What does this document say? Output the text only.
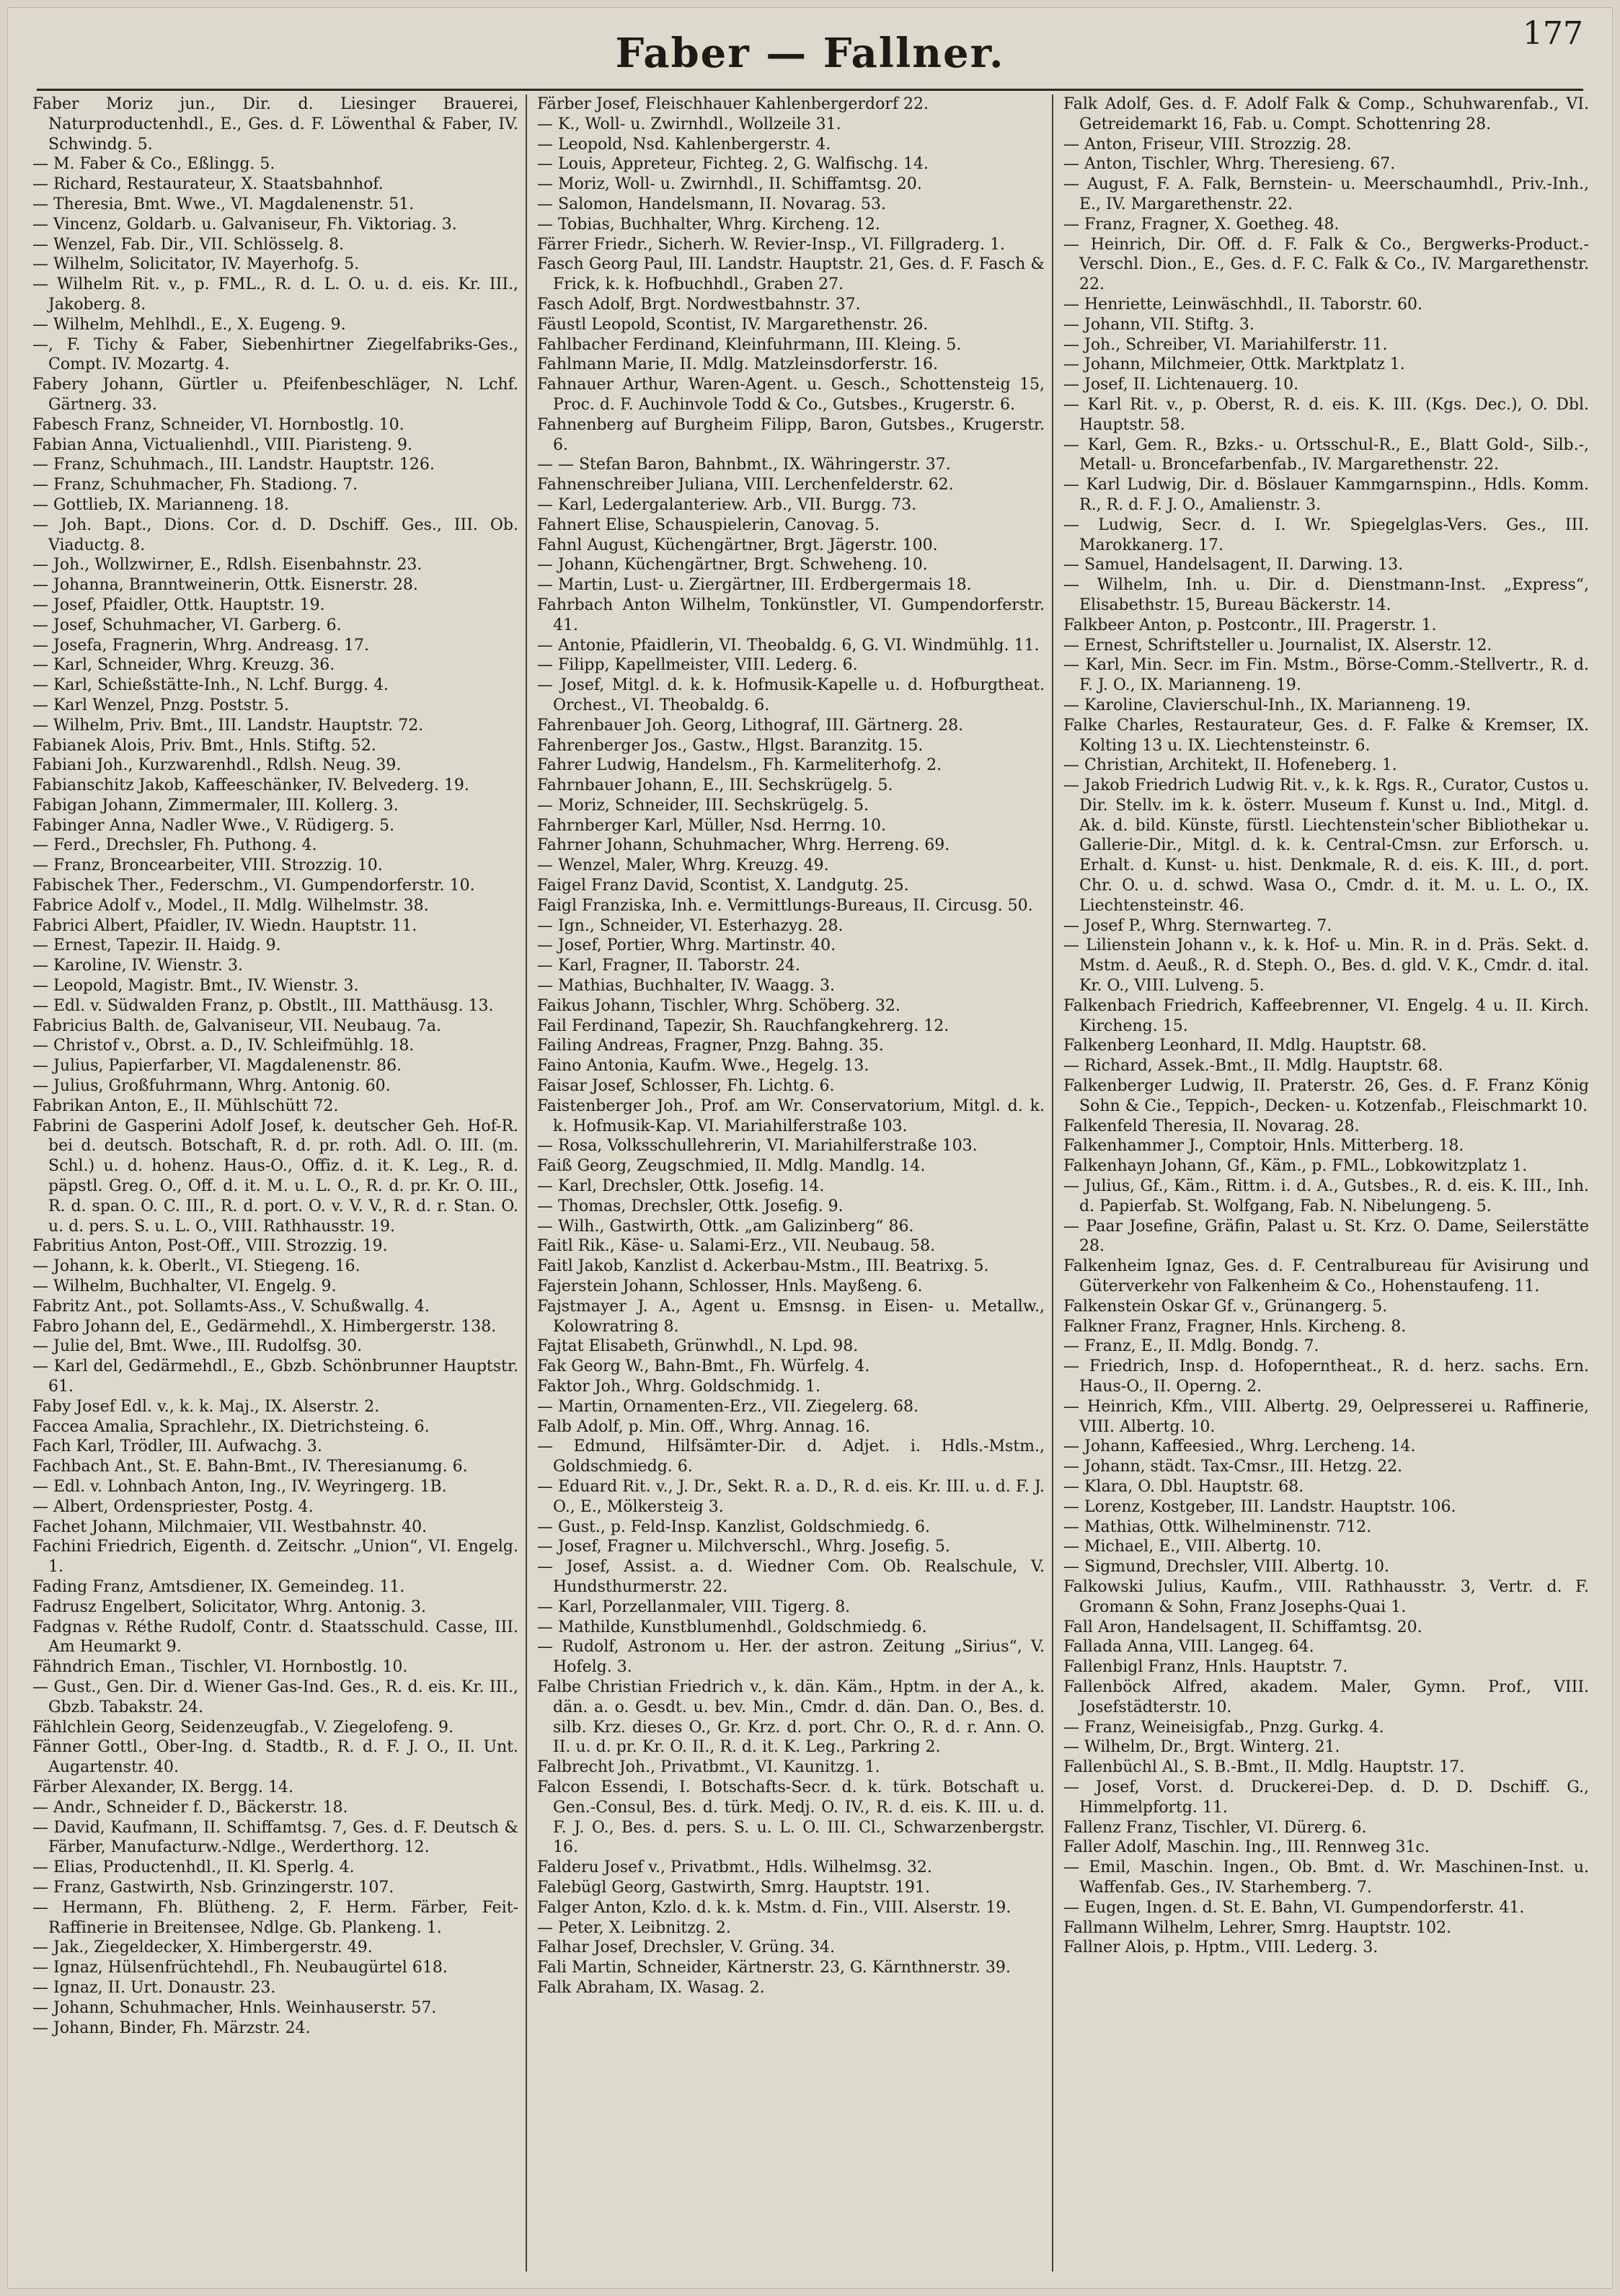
Faber — Fallner.	177

Faber Moriz jun., Dir. d. Liesinger Brauerei, Naturproductenhdl., E., Ges. d. F. Löwenthal & Faber, IV. Schwindg. 5.

— M. Faber & Co., Eßlingg. 5.

— Richard, Restaurateur, X. Staatsbahnhof.

— Theresia, Bmt. Wwe., VI. Magdalenenstr. 51.

— Vincenz, Goldarb. u. Galvaniseur, Fh. Viktoriag. 3.

— Wenzel, Fab. Dir., VII. Schlösselg. 8.

— Wilhelm, Solicitator, IV. Mayerhofg. 5.

— Wilhelm Rit. v., p. FML., R. d. L. O. u. d. eis. Kr. III., Jakoberg. 8.

— Wilhelm, Mehlhdl., E., X. Eugeng. 9.

—, F. Tichy & Faber, Siebenhirtner Ziegelfabriks-Ges., Compt. IV. Mozartg. 4.

Fabery Johann, Gürtler u. Pfeifenbeschläger, N. Lchf. Gärtnerg. 33.

Fabesch Franz, Schneider, VI. Hornbostlg. 10.

Fabian Anna, Victualienhdl., VIII. Piaristeng. 9.

— Franz, Schuhmach., III. Landstr. Hauptstr. 126.

— Franz, Schuhmacher, Fh. Stadiong. 7.

— Gottlieb, IX. Marianneng. 18.

— Joh. Bapt., Dions. Cor. d. D. Dschiff. Ges., III. Ob. Viaductg. 8.

— Joh., Wollzwirner, E., Rdlsh. Eisenbahnstr. 23.

— Johanna, Branntweinerin, Ottk. Eisnerstr. 28.

— Josef, Pfaidler, Ottk. Hauptstr. 19.

— Josef, Schuhmacher, VI. Garberg. 6.

— Josefa, Fragnerin, Whrg. Andreasg. 17.

— Karl, Schneider, Whrg. Kreuzg. 36.

— Karl, Schießstätte-Inh., N. Lchf. Burgg. 4.

— Karl Wenzel, Pnzg. Poststr. 5.

— Wilhelm, Priv. Bmt., III. Landstr. Hauptstr. 72.

Fabianek Alois, Priv. Bmt., Hnls. Stiftg. 52.

Fabiani Joh., Kurzwarenhdl., Rdlsh. Neug. 39.

Fabianschitz Jakob, Kaffeeschänker, IV. Belvederg. 19.

Fabigan Johann, Zimmermaler, III. Kollerg. 3.

Fabinger Anna, Nadler Wwe., V. Rüdigerg. 5.

— Ferd., Drechsler, Fh. Puthong. 4.

— Franz, Broncearbeiter, VIII. Strozzig. 10.

Fabischek Ther., Federschm., VI. Gumpendorferstr. 10.

Fabrice Adolf v., Model., II. Mdlg. Wilhelmstr. 38.

Fabrici Albert, Pfaidler, IV. Wiedn. Hauptstr. 11.

— Ernest, Tapezir. II. Haidg. 9.

— Karoline, IV. Wienstr. 3.

— Leopold, Magistr. Bmt., IV. Wienstr. 3.

— Edl. v. Südwalden Franz, p. Obstlt., III. Matthäusg. 13.

Fabricius Balth. de, Galvaniseur, VII. Neubaug. 7a.

— Christof v., Obrst. a. D., IV. Schleifmühlg. 18.

— Julius, Papierfarber, VI. Magdalenenstr. 86.

— Julius, Großfuhrmann, Whrg. Antonig. 60.

Fabrikan Anton, E., II. Mühlschütt 72.

Fabrini de Gasperini Adolf Josef, k. deutscher Geh. Hof-R. bei d. deutsch. Botschaft, R. d. pr. roth. Adl. O. III. (m. Schl.) u. d. hohenz. Haus-O., Offiz. d. it. K. Leg., R. d. päpstl. Greg. O., Off. d. it. M. u. L. O., R. d. pr. Kr. O. III., R. d. span. O. C. III., R. d. port. O. v. V. V., R. d. r. Stan. O. u. d. pers. S. u. L. O., VIII. Rathhausstr. 19.

Fabritius Anton, Post-Off., VIII. Strozzig. 19.

— Johann, k. k. Oberlt., VI. Stiegeng. 16.

— Wilhelm, Buchhalter, VI. Engelg. 9.

Fabritz Ant., pot. Sollamts-Ass., V. Schußwallg. 4.

Fabro Johann del, E., Gedärmehdl., X. Himbergerstr. 138.

— Julie del, Bmt. Wwe., III. Rudolfsg. 30.

— Karl del, Gedärmehdl., E., Gbzb. Schönbrunner Hauptstr. 61.

Faby Josef Edl. v., k. k. Maj., IX. Alserstr. 2.

Faccea Amalia, Sprachlehr., IX. Dietrichsteing. 6.

Fach Karl, Trödler, III. Aufwachg. 3.

Fachbach Ant., St. E. Bahn-Bmt., IV. Theresianumg. 6.

— Edl. v. Lohnbach Anton, Ing., IV. Weyringerg. 1B.

— Albert, Ordenspriester, Postg. 4.

Fachet Johann, Milchmaier, VII. Westbahnstr. 40.

Fachini Friedrich, Eigenth. d. Zeitschr. „Union“, VI. Engelg. 1.

Fading Franz, Amtsdiener, IX. Gemeindeg. 11.

Fadrusz Engelbert, Solicitator, Whrg. Antonig. 3.

Fadgnas v. Réthe Rudolf, Contr. d. Staatsschuld. Casse, III. Am Heumarkt 9.

Fähndrich Eman., Tischler, VI. Hornbostlg. 10.

— Gust., Gen. Dir. d. Wiener Gas-Ind. Ges., R. d. eis. Kr. III., Gbzb. Tabakstr. 24.

Fählchlein Georg, Seidenzeugfab., V. Ziegelofeng. 9.

Fänner Gottl., Ober-Ing. d. Stadtb., R. d. F. J. O., II. Unt. Augartenstr. 40.

Färber Alexander, IX. Bergg. 14.

— Andr., Schneider f. D., Bäckerstr. 18.

— David, Kaufmann, II. Schiffamtsg. 7, Ges. d. F. Deutsch & Färber, Manufacturw.-Ndlge., Werderthorg. 12.

— Elias, Productenhdl., II. Kl. Sperlg. 4.

— Franz, Gastwirth, Nsb. Grinzingerstr. 107.

— Hermann, Fh. Blütheng. 2, F. Herm. Färber, Feit-Raffinerie in Breitensee, Ndlge. Gb. Plankeng. 1.

— Jak., Ziegeldecker, X. Himbergerstr. 49.

— Ignaz, Hülsenfrüchtehdl., Fh. Neubaugürtel 618.

— Ignaz, II. Urt. Donaustr. 23.

— Johann, Schuhmacher, Hnls. Weinhauserstr. 57.

— Johann, Binder, Fh. Märzstr. 24.

Färber Josef, Fleischhauer Kahlenbergerdorf 22.

— K., Woll- u. Zwirnhdl., Wollzeile 31.

— Leopold, Nsd. Kahlenbergerstr. 4.

— Louis, Appreteur, Fichteg. 2, G. Walfischg. 14.

— Moriz, Woll- u. Zwirnhdl., II. Schiffamtsg. 20.

— Salomon, Handelsmann, II. Novarag. 53.

— Tobias, Buchhalter, Whrg. Kircheng. 12.

Färrer Friedr., Sicherh. W. Revier-Insp., VI. Fillgraderg. 1.

Fasch Georg Paul, III. Landstr. Hauptstr. 21, Ges. d. F. Fasch & Frick, k. k. Hofbuchhdl., Graben 27.

Fasch Adolf, Brgt. Nordwestbahnstr. 37.

Fäustl Leopold, Scontist, IV. Margarethenstr. 26.

Fahlbacher Ferdinand, Kleinfuhrmann, III. Kleing. 5.

Fahlmann Marie, II. Mdlg. Matzleinsdorferstr. 16.

Fahnauer Arthur, Waren-Agent. u. Gesch., Schottensteig 15, Proc. d. F. Auchinvole Todd & Co., Gutsbes., Krugerstr. 6.

Fahnenberg auf Burgheim Filipp, Baron, Gutsbes., Krugerstr. 6.

— — Stefan Baron, Bahnbmt., IX. Währingerstr. 37.

Fahnenschreiber Juliana, VIII. Lerchenfelderstr. 62.

— Karl, Ledergalanteriew. Arb., VII. Burgg. 73.

Fahnert Elise, Schauspielerin, Canovag. 5.

Fahnl August, Küchengärtner, Brgt. Jägerstr. 100.

— Johann, Küchengärtner, Brgt. Schweheng. 10.

— Martin, Lust- u. Ziergärtner, III. Erdbergermais 18.

Fahrbach Anton Wilhelm, Tonkünstler, VI. Gumpendorferstr. 41.

— Antonie, Pfaidlerin, VI. Theobaldg. 6, G. VI. Windmühlg. 11.

— Filipp, Kapellmeister, VIII. Lederg. 6.

— Josef, Mitgl. d. k. k. Hofmusik-Kapelle u. d. Hofburgtheat. Orchest., VI. Theobaldg. 6.

Fahrenbauer Joh. Georg, Lithograf, III. Gärtnerg. 28.

Fahrenberger Jos., Gastw., Hlgst. Baranzitg. 15.

Fahrer Ludwig, Handelsm., Fh. Karmeliterhofg. 2.

Fahrnbauer Johann, E., III. Sechskrügelg. 5.

— Moriz, Schneider, III. Sechskrügelg. 5.

Fahrnberger Karl, Müller, Nsd. Herrng. 10.

Fahrner Johann, Schuhmacher, Whrg. Herreng. 69.

— Wenzel, Maler, Whrg. Kreuzg. 49.

Faigel Franz David, Scontist, X. Landgutg. 25.

Faigl Franziska, Inh. e. Vermittlungs-Bureaus, II. Circusg. 50.

— Ign., Schneider, VI. Esterhazyg. 28.

— Josef, Portier, Whrg. Martinstr. 40.

— Karl, Fragner, II. Taborstr. 24.

— Mathias, Buchhalter, IV. Waagg. 3.

Faikus Johann, Tischler, Whrg. Schöberg. 32.

Fail Ferdinand, Tapezir, Sh. Rauchfangkehrerg. 12.

Failing Andreas, Fragner, Pnzg. Bahng. 35.

Faino Antonia, Kaufm. Wwe., Hegelg. 13.

Faisar Josef, Schlosser, Fh. Lichtg. 6.

Faistenberger Joh., Prof. am Wr. Conservatorium, Mitgl. d. k. k. Hofmusik-Kap. VI. Mariahilferstraße 103.

— Rosa, Volksschullehrerin, VI. Mariahilferstraße 103.

Faiß Georg, Zeugschmied, II. Mdlg. Mandlg. 14.

— Karl, Drechsler, Ottk. Josefig. 14.

— Thomas, Drechsler, Ottk. Josefig. 9.

— Wilh., Gastwirth, Ottk. „am Galizinberg“ 86.

Faitl Rik., Käse- u. Salami-Erz., VII. Neubaug. 58.

Faitl Jakob, Kanzlist d. Ackerbau-Mstm., III. Beatrixg. 5.

Fajerstein Johann, Schlosser, Hnls. Mayßeng. 6.

Fajstmayer J. A., Agent u. Emsnsg. in Eisen- u. Metallw., Kolowratring 8.

Fajtat Elisabeth, Grünwhdl., N. Lpd. 98.

Fak Georg W., Bahn-Bmt., Fh. Würfelg. 4.

Faktor Joh., Whrg. Goldschmidg. 1.

— Martin, Ornamenten-Erz., VII. Ziegelerg. 68.

Falb Adolf, p. Min. Off., Whrg. Annag. 16.

— Edmund, Hilfsämter-Dir. d. Adjet. i. Hdls.-Mstm., Goldschmiedg. 6.

— Eduard Rit. v., J. Dr., Sekt. R. a. D., R. d. eis. Kr. III. u. d. F. J. O., E., Mölkersteig 3.

— Gust., p. Feld-Insp. Kanzlist, Goldschmiedg. 6.

— Josef, Fragner u. Milchverschl., Whrg. Josefig. 5.

— Josef, Assist. a. d. Wiedner Com. Ob. Realschule, V. Hundsthurmerstr. 22.

— Karl, Porzellanmaler, VIII. Tigerg. 8.

— Mathilde, Kunstblumenhdl., Goldschmiedg. 6.

— Rudolf, Astronom u. Her. der astron. Zeitung „Sirius“, V. Hofelg. 3.

Falbe Christian Friedrich v., k. dän. Käm., Hptm. in der A., k. dän. a. o. Gesdt. u. bev. Min., Cmdr. d. dän. Dan. O., Bes. d. silb. Krz. dieses O., Gr. Krz. d. port. Chr. O., R. d. r. Ann. O. II. u. d. pr. Kr. O. II., R. d. it. K. Leg., Parkring 2.

Falbrecht Joh., Privatbmt., VI. Kaunitzg. 1.

Falcon Essendi, I. Botschafts-Secr. d. k. türk. Botschaft u. Gen.-Consul, Bes. d. türk. Medj. O. IV., R. d. eis. K. III. u. d. F. J. O., Bes. d. pers. S. u. L. O. III. Cl., Schwarzenbergstr. 16.

Falderu Josef v., Privatbmt., Hdls. Wilhelmsg. 32.

Falebügl Georg, Gastwirth, Smrg. Hauptstr. 191.

Falger Anton, Kzlo. d. k. k. Mstm. d. Fin., VIII. Alserstr. 19.

— Peter, X. Leibnitzg. 2.

Falhar Josef, Drechsler, V. Grüng. 34.

Fali Martin, Schneider, Kärtnerstr. 23, G. Kärnthnerstr. 39.

Falk Abraham, IX. Wasag. 2.

Falk Adolf, Ges. d. F. Adolf Falk & Comp., Schuhwarenfab., VI. Getreidemarkt 16, Fab. u. Compt. Schottenring 28.

— Anton, Friseur, VIII. Strozzig. 28.

— Anton, Tischler, Whrg. Theresieng. 67.

— August, F. A. Falk, Bernstein- u. Meerschaumhdl., Priv.-Inh., E., IV. Margarethenstr. 22.

— Franz, Fragner, X. Goetheg. 48.

— Heinrich, Dir. Off. d. F. Falk & Co., Bergwerks-Product.-Verschl. Dion., E., Ges. d. F. C. Falk & Co., IV. Margarethenstr. 22.

— Henriette, Leinwäschhdl., II. Taborstr. 60.

— Johann, VII. Stiftg. 3.

— Joh., Schreiber, VI. Mariahilferstr. 11.

— Johann, Milchmeier, Ottk. Marktplatz 1.

— Josef, II. Lichtenauerg. 10.

— Karl Rit. v., p. Oberst, R. d. eis. K. III. (Kgs. Dec.), O. Dbl. Hauptstr. 58.

— Karl, Gem. R., Bzks.- u. Ortsschul-R., E., Blatt Gold-, Silb.-, Metall- u. Broncefarbenfab., IV. Margarethenstr. 22.

— Karl Ludwig, Dir. d. Böslauer Kammgarnspinn., Hdls. Komm. R., R. d. F. J. O., Amalienstr. 3.

— Ludwig, Secr. d. I. Wr. Spiegelglas-Vers. Ges., III. Marokkanerg. 17.

— Samuel, Handelsagent, II. Darwing. 13.

— Wilhelm, Inh. u. Dir. d. Dienstmann-Inst. „Express“, Elisabethstr. 15, Bureau Bäckerstr. 14.

Falkbeer Anton, p. Postcontr., III. Pragerstr. 1.

— Ernest, Schriftsteller u. Journalist, IX. Alserstr. 12.

— Karl, Min. Secr. im Fin. Mstm., Börse-Comm.-Stellvertr., R. d. F. J. O., IX. Marianneng. 19.

— Karoline, Clavierschul-Inh., IX. Marianneng. 19.

Falke Charles, Restaurateur, Ges. d. F. Falke & Kremser, IX. Kolting 13 u. IX. Liechtensteinstr. 6.

— Christian, Architekt, II. Hofeneberg. 1.

— Jakob Friedrich Ludwig Rit. v., k. k. Rgs. R., Curator, Custos u. Dir. Stellv. im k. k. österr. Museum f. Kunst u. Ind., Mitgl. d. Ak. d. bild. Künste, fürstl. Liechtenstein'scher Bibliothekar u. Gallerie-Dir., Mitgl. d. k. k. Central-Cmsn. zur Erforsch. u. Erhalt. d. Kunst- u. hist. Denkmale, R. d. eis. K. III., d. port. Chr. O. u. d. schwd. Wasa O., Cmdr. d. it. M. u. L. O., IX. Liechtensteinstr. 46.

— Josef P., Whrg. Sternwarteg. 7.

— Lilienstein Johann v., k. k. Hof- u. Min. R. in d. Präs. Sekt. d. Mstm. d. Aeuß., R. d. Steph. O., Bes. d. gld. V. K., Cmdr. d. ital. Kr. O., VIII. Lulveng. 5.

Falkenbach Friedrich, Kaffeebrenner, VI. Engelg. 4 u. II. Kirch. Kircheng. 15.

Falkenberg Leonhard, II. Mdlg. Hauptstr. 68.

— Richard, Assek.-Bmt., II. Mdlg. Hauptstr. 68.

Falkenberger Ludwig, II. Praterstr. 26, Ges. d. F. Franz König Sohn & Cie., Teppich-, Decken- u. Kotzenfab., Fleischmarkt 10.

Falkenfeld Theresia, II. Novarag. 28.

Falkenhammer J., Comptoir, Hnls. Mitterberg. 18.

Falkenhayn Johann, Gf., Käm., p. FML., Lobkowitzplatz 1.

— Julius, Gf., Käm., Rittm. i. d. A., Gutsbes., R. d. eis. K. III., Inh. d. Papierfab. St. Wolfgang, Fab. N. Nibelungeng. 5.

— Paar Josefine, Gräfin, Palast u. St. Krz. O. Dame, Seilerstätte 28.

Falkenheim Ignaz, Ges. d. F. Centralbureau für Avisirung und Güterverkehr von Falkenheim & Co., Hohenstaufeng. 11.

Falkenstein Oskar Gf. v., Grünangerg. 5.

Falkner Franz, Fragner, Hnls. Kircheng. 8.

— Franz, E., II. Mdlg. Bondg. 7.

— Friedrich, Insp. d. Hofoperntheat., R. d. herz. sachs. Ern. Haus-O., II. Operng. 2.

— Heinrich, Kfm., VIII. Albertg. 29, Oelpresserei u. Raffinerie, VIII. Albertg. 10.

— Johann, Kaffeesied., Whrg. Lercheng. 14.

— Johann, städt. Tax-Cmsr., III. Hetzg. 22.

— Klara, O. Dbl. Hauptstr. 68.

— Lorenz, Kostgeber, III. Landstr. Hauptstr. 106.

— Mathias, Ottk. Wilhelminenstr. 712.

— Michael, E., VIII. Albertg. 10.

— Sigmund, Drechsler, VIII. Albertg. 10.

Falkowski Julius, Kaufm., VIII. Rathhausstr. 3, Vertr. d. F. Gromann & Sohn, Franz Josephs-Quai 1.

Fall Aron, Handelsagent, II. Schiffamtsg. 20.

Fallada Anna, VIII. Langeg. 64.

Fallenbigl Franz, Hnls. Hauptstr. 7.

Fallenböck Alfred, akadem. Maler, Gymn. Prof., VIII. Josefstädterstr. 10.

— Franz, Weineisigfab., Pnzg. Gurkg. 4.

— Wilhelm, Dr., Brgt. Winterg. 21.

Fallenbüchl Al., S. B.-Bmt., II. Mdlg. Hauptstr. 17.

— Josef, Vorst. d. Druckerei-Dep. d. D. D. Dschiff. G., Himmelpfortg. 11.

Fallenz Franz, Tischler, VI. Dürerg. 6.

Faller Adolf, Maschin. Ing., III. Rennweg 31c.

— Emil, Maschin. Ingen., Ob. Bmt. d. Wr. Maschinen-Inst. u. Waffenfab. Ges., IV. Starhemberg. 7.

— Eugen, Ingen. d. St. E. Bahn, VI. Gumpendorferstr. 41.

Fallmann Wilhelm, Lehrer, Smrg. Hauptstr. 102.

Fallner Alois, p. Hptm., VIII. Lederg. 3.
